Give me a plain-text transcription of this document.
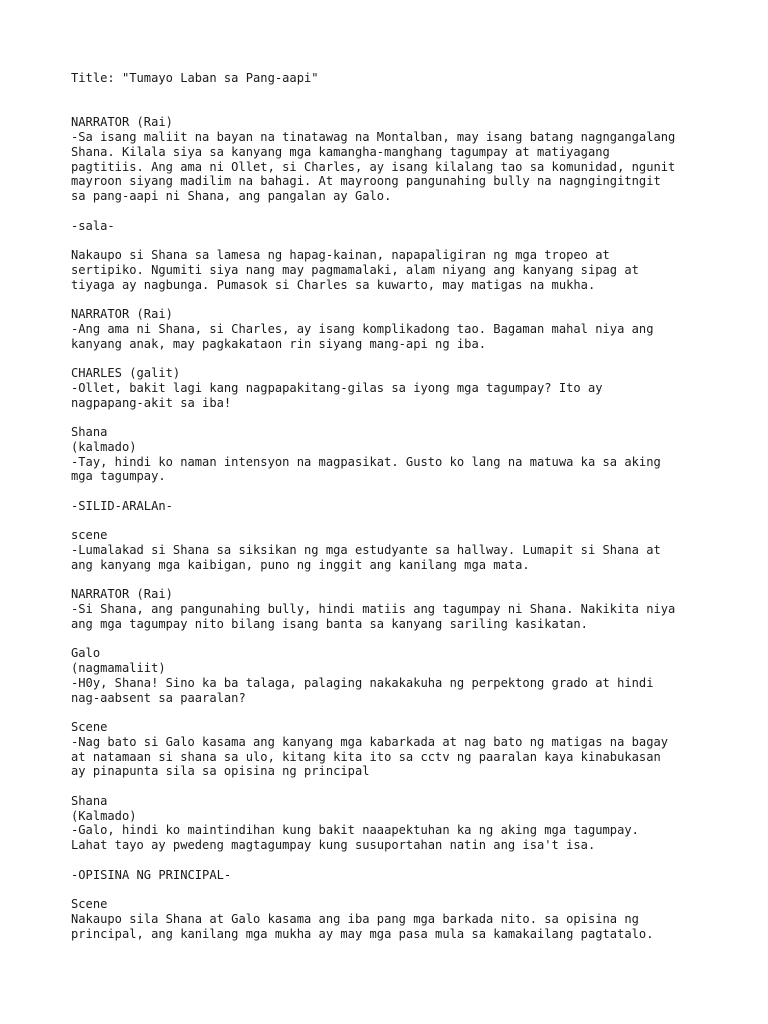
Title: "Tumayo Laban sa Pang-aapi"
NARRATOR (Rai)
-Sa isang maliit na bayan na tinatawag na Montalban, may isang batang nagngangalang
Shana. Kilala siya sa kanyang mga kamangha-manghang tagumpay at matiyagang
pagtitiis. Ang ama ni Ollet, si Charles, ay isang kilalang tao sa komunidad, ngunit
mayroon siyang madilim na bahagi. At mayroong pangunahing bully na nagngingitngit
sa pang-aapi ni Shana, ang pangalan ay Galo.
-sala-
Nakaupo si Shana sa lamesa ng hapag-kainan, napapaligiran ng mga tropeo at
sertipiko. Ngumiti siya nang may pagmamalaki, alam niyang ang kanyang sipag at
tiyaga ay nagbunga. Pumasok si Charles sa kuwarto, may matigas na mukha.
NARRATOR (Rai)
-Ang ama ni Shana, si Charles, ay isang komplikadong tao. Bagaman mahal niya ang
kanyang anak, may pagkakataon rin siyang mang-api ng iba.
CHARLES (galit)
-Ollet, bakit lagi kang nagpapakitang-gilas sa iyong mga tagumpay? Ito ay
nagpapang-akit sa iba!
Shana
(kalmado)
-Tay, hindi ko naman intensyon na magpasikat. Gusto ko lang na matuwa ka sa aking
mga tagumpay.
-SILID-ARALAn-
scene
-Lumalakad si Shana sa siksikan ng mga estudyante sa hallway. Lumapit si Shana at
ang kanyang mga kaibigan, puno ng inggit ang kanilang mga mata.
NARRATOR (Rai)
-Si Shana, ang pangunahing bully, hindi matiis ang tagumpay ni Shana. Nakikita niya
ang mga tagumpay nito bilang isang banta sa kanyang sariling kasikatan.
Galo
(nagmamaliit)
-H0y, Shana! Sino ka ba talaga, palaging nakakakuha ng perpektong grado at hindi
nag-aabsent sa paaralan?
Scene
-Nag bato si Galo kasama ang kanyang mga kabarkada at nag bato ng matigas na bagay
at natamaan si shana sa ulo, kitang kita ito sa cctv ng paaralan kaya kinabukasan
ay pinapunta sila sa opisina ng principal
Shana
(Kalmado)
-Galo, hindi ko maintindihan kung bakit naaapektuhan ka ng aking mga tagumpay.
Lahat tayo ay pwedeng magtagumpay kung susuportahan natin ang isa't isa.
-OPISINA NG PRINCIPAL-
Scene
Nakaupo sila Shana at Galo kasama ang iba pang mga barkada nito. sa opisina ng
principal, ang kanilang mga mukha ay may mga pasa mula sa kamakailang pagtatalo.
